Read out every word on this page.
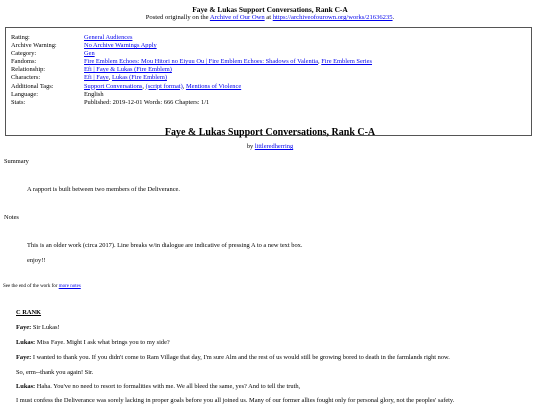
Faye & Lukas Support Conversations, Rank C-A
Posted originally on the Archive of Our Own at https://archiveofourown.org/works/21636235.
Rating:	General Audiences
Archive Warning:	No Archive Warnings Apply
Category:	Gen
Fandoms:	Fire Emblem Echoes: Mou Hitori no Eiyuu Ou | Fire Emblem Echoes: Shadows of Valentia, Fire Emblem Series
Relationship:	Efi | Faye & Lukas (Fire Emblem)
Characters:	Efi | Faye, Lukas (Fire Emblem)
Additional Tags:	Support Conversations, (script format), Mentions of Violence
Language:	English
Stats:	Published: 2019-12-01 Words: 666 Chapters: 1/1
Faye & Lukas Support Conversations, Rank C-A
by littleredherring
Summary
A rapport is built between two members of the Deliverance.
Notes
This is an older work (circa 2017). Line breaks w/in dialogue are indicative of pressing A to a new text box.
enjoy!!
See the end of the work for more notes
C RANK
Faye: Sir Lukas!
Lukas: Miss Faye. Might I ask what brings you to my side?
Faye: I wanted to thank you. If you didn't come to Ram Village that day, I'm sure Alm and the rest of us would still be growing bored to death in the farmlands right now.
So, erm--thank you again! Sir.
Lukas: Haha. You've no need to resort to formalities with me. We all bleed the same, yes? And to tell the truth,
I must confess the Deliverance was sorely lacking in proper goals before you all joined us. Many of our former allies fought only for personal glory, not the peoples' safety.
